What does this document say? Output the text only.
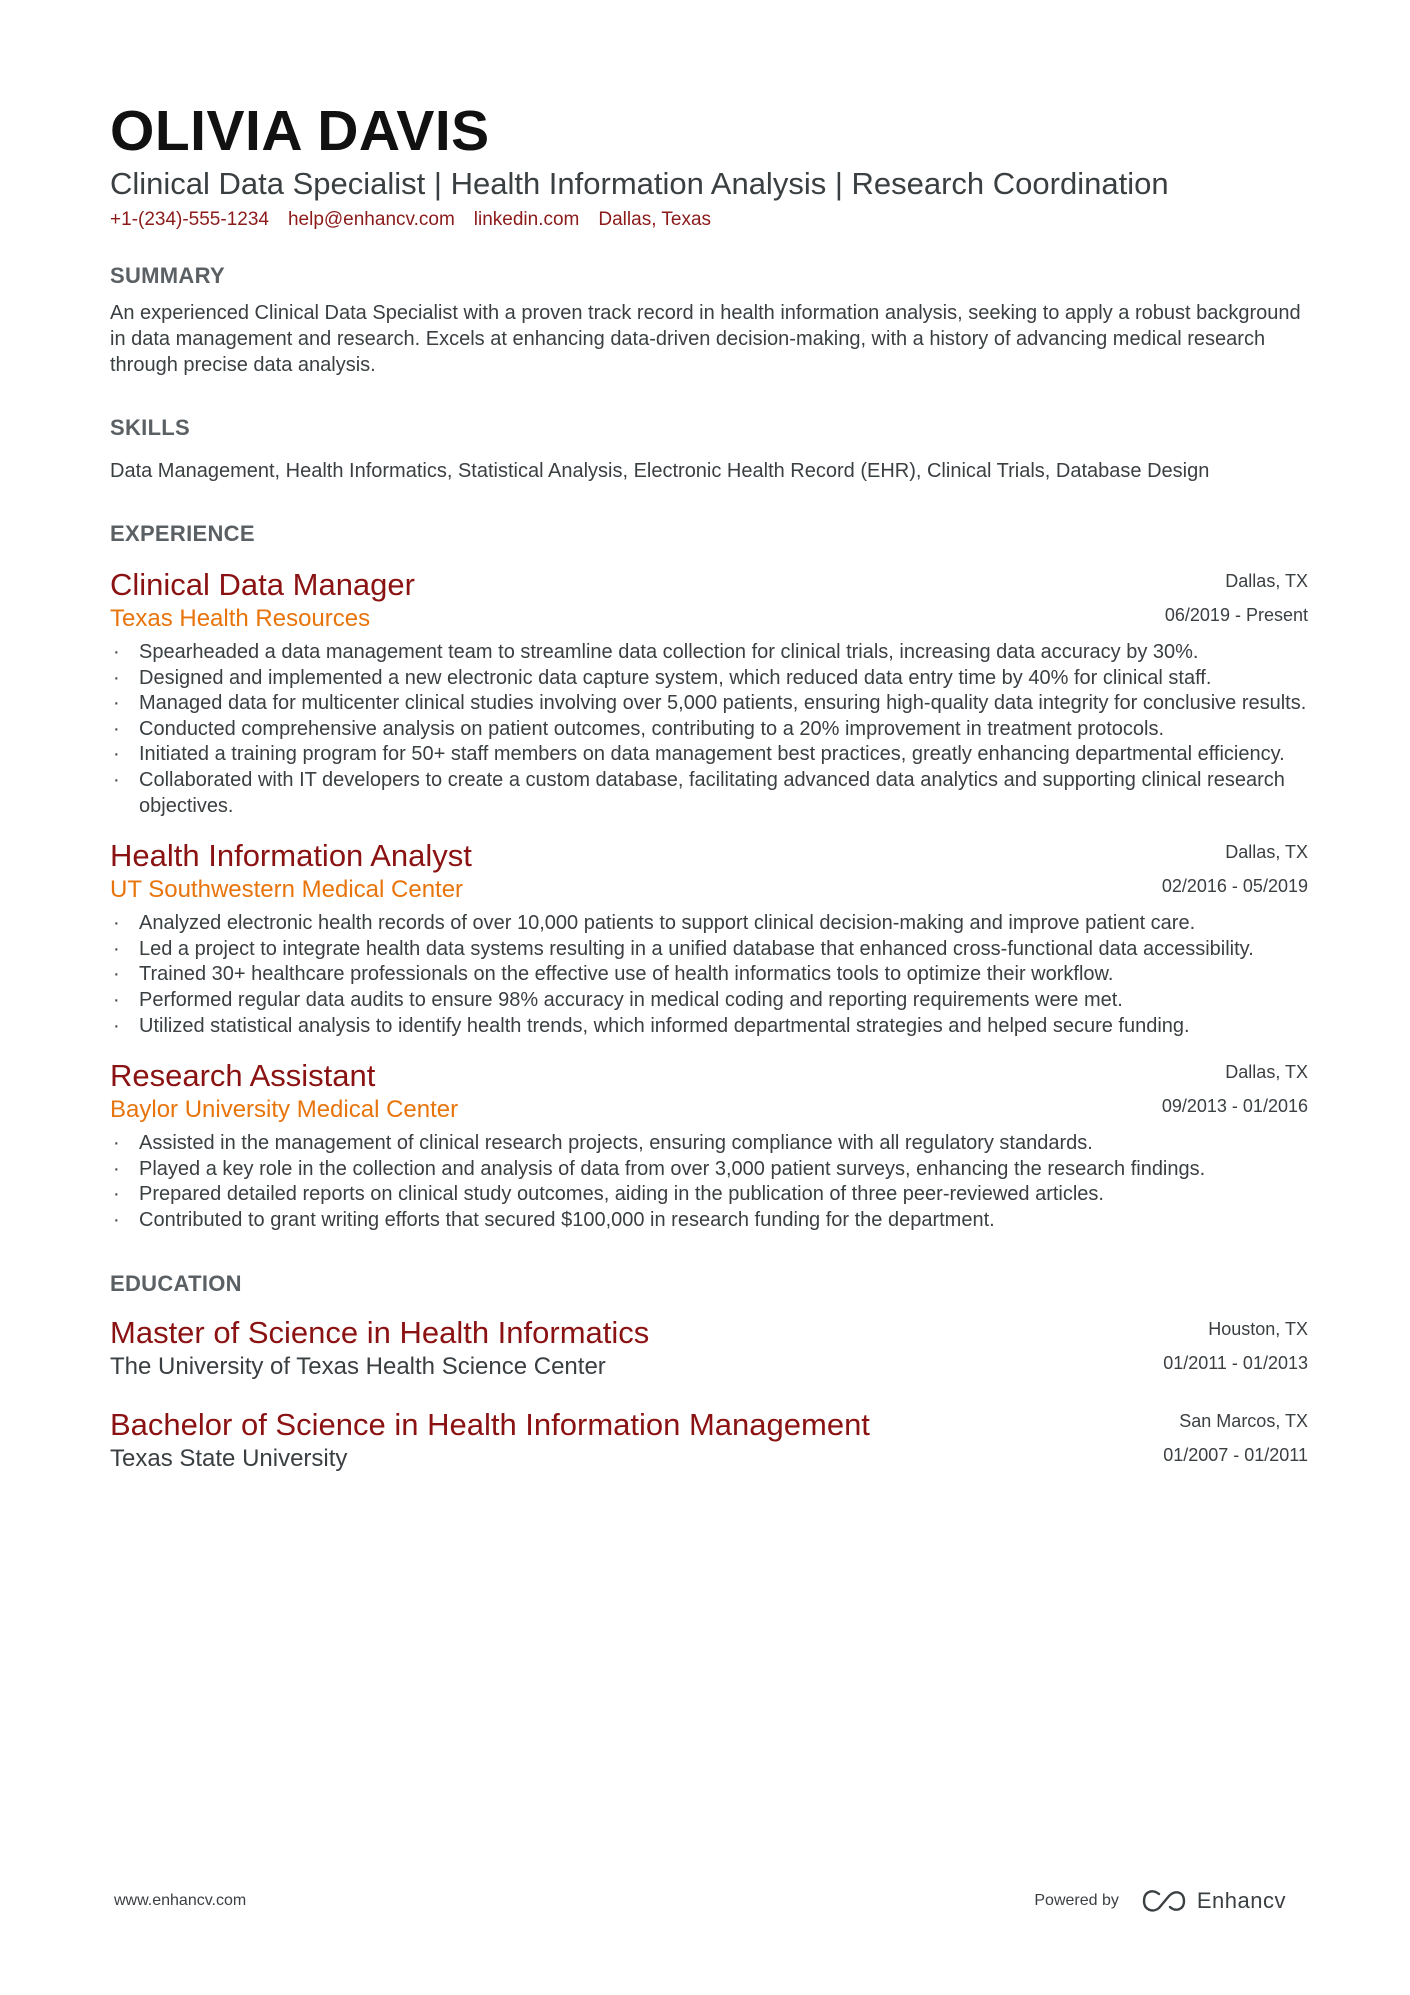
OLIVIA DAVIS
Clinical Data Specialist | Health Information Analysis | Research Coordination
+1-(234)-555-1234 help@enhancv.com linkedin.com Dallas, Texas
SUMMARY
An experienced Clinical Data Specialist with a proven track record in health information analysis, seeking to apply a robust background in data management and research. Excels at enhancing data-driven decision-making, with a history of advancing medical research through precise data analysis.
SKILLS
Data Management, Health Informatics, Statistical Analysis, Electronic Health Record (EHR), Clinical Trials, Database Design
EXPERIENCE
Clinical Data Manager
Texas Health Resources
Dallas, TX
06/2019 - Present
· Spearheaded a data management team to streamline data collection for clinical trials, increasing data accuracy by 30%.
· Designed and implemented a new electronic data capture system, which reduced data entry time by 40% for clinical staff.
· Managed data for multicenter clinical studies involving over 5,000 patients, ensuring high-quality data integrity for conclusive results.
· Conducted comprehensive analysis on patient outcomes, contributing to a 20% improvement in treatment protocols.
· Initiated a training program for 50+ staff members on data management best practices, greatly enhancing departmental efficiency.
· Collaborated with IT developers to create a custom database, facilitating advanced data analytics and supporting clinical research objectives.
Health Information Analyst
UT Southwestern Medical Center
Dallas, TX
02/2016 - 05/2019
· Analyzed electronic health records of over 10,000 patients to support clinical decision-making and improve patient care.
· Led a project to integrate health data systems resulting in a unified database that enhanced cross-functional data accessibility.
· Trained 30+ healthcare professionals on the effective use of health informatics tools to optimize their workflow.
· Performed regular data audits to ensure 98% accuracy in medical coding and reporting requirements were met.
· Utilized statistical analysis to identify health trends, which informed departmental strategies and helped secure funding.
Research Assistant
Baylor University Medical Center
Dallas, TX
09/2013 - 01/2016
· Assisted in the management of clinical research projects, ensuring compliance with all regulatory standards.
· Played a key role in the collection and analysis of data from over 3,000 patient surveys, enhancing the research findings.
· Prepared detailed reports on clinical study outcomes, aiding in the publication of three peer-reviewed articles.
· Contributed to grant writing efforts that secured $100,000 in research funding for the department.
EDUCATION
Master of Science in Health Informatics
The University of Texas Health Science Center
Houston, TX
01/2011 - 01/2013
Bachelor of Science in Health Information Management
Texas State University
San Marcos, TX
01/2007 - 01/2011
www.enhancv.com	Powered by	Enhancv
